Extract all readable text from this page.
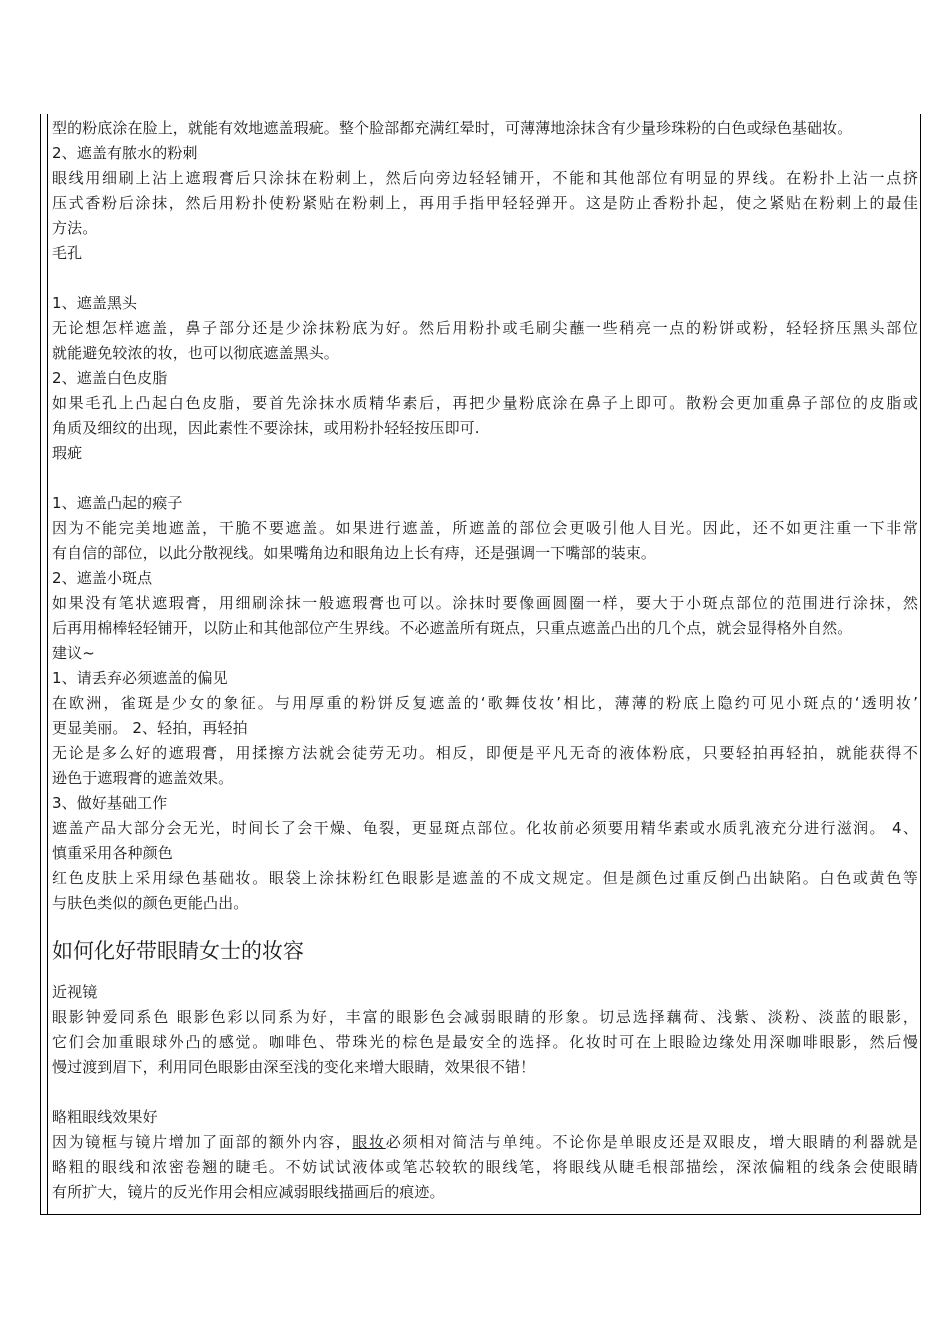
型的粉底涂在脸上，就能有效地遮盖瑕疵。整个脸部都充满红晕时，可薄薄地涂抹含有少量珍珠粉的白色或绿色基础妆。
2、遮盖有脓水的粉刺
眼线用细刷上沾上遮瑕膏后只涂抹在粉刺上，然后向旁边轻轻铺开，不能和其他部位有明显的界线。在粉扑上沾一点挤
压式香粉后涂抹，然后用粉扑使粉紧贴在粉刺上，再用手指甲轻轻弹开。这是防止香粉扑起，使之紧贴在粉刺上的最佳
方法。
毛孔
1、遮盖黑头
无论想怎样遮盖，鼻子部分还是少涂抹粉底为好。然后用粉扑或毛刷尖蘸一些稍亮一点的粉饼或粉，轻轻挤压黑头部位
就能避免较浓的妆，也可以彻底遮盖黑头。
2、遮盖白色皮脂
如果毛孔上凸起白色皮脂，要首先涂抹水质精华素后，再把少量粉底涂在鼻子上即可。散粉会更加重鼻子部位的皮脂或
角质及细纹的出现，因此素性不要涂抹，或用粉扑轻轻按压即可.
瑕疵
1、遮盖凸起的瘊子
因为不能完美地遮盖，干脆不要遮盖。如果进行遮盖，所遮盖的部位会更吸引他人目光。因此，还不如更注重一下非常
有自信的部位，以此分散视线。如果嘴角边和眼角边上长有痔，还是强调一下嘴部的装束。
2、遮盖小斑点
如果没有笔状遮瑕膏，用细刷涂抹一般遮瑕膏也可以。涂抹时要像画圆圈一样，要大于小斑点部位的范围进行涂抹，然
后再用棉棒轻轻铺开，以防止和其他部位产生界线。不必遮盖所有斑点，只重点遮盖凸出的几个点，就会显得格外自然。
建议~
1、请丢弃必须遮盖的偏见
在欧洲，雀斑是少女的象征。与用厚重的粉饼反复遮盖的‘歌舞伎妆’相比，薄薄的粉底上隐约可见小斑点的‘透明妆’
更显美丽。 2、轻拍，再轻拍
无论是多么好的遮瑕膏，用揉擦方法就会徒劳无功。相反，即便是平凡无奇的液体粉底，只要轻拍再轻拍，就能获得不
逊色于遮瑕膏的遮盖效果。
3、做好基础工作
遮盖产品大部分会无光，时间长了会干燥、龟裂，更显斑点部位。化妆前必须要用精华素或水质乳液充分进行滋润。 4、
慎重采用各种颜色
红色皮肤上采用绿色基础妆。眼袋上涂抹粉红色眼影是遮盖的不成文规定。但是颜色过重反倒凸出缺陷。白色或黄色等
与肤色类似的颜色更能凸出。
如何化好带眼睛女士的妆容
近视镜
眼影钟爱同系色 眼影色彩以同系为好，丰富的眼影色会减弱眼睛的形象。切忌选择藕荷、浅紫、淡粉、淡蓝的眼影，
它们会加重眼球外凸的感觉。咖啡色、带珠光的棕色是最安全的选择。化妆时可在上眼睑边缘处用深咖啡眼影，然后慢
慢过渡到眉下，利用同色眼影由深至浅的变化来增大眼睛，效果很不错！
略粗眼线效果好
因为镜框与镜片增加了面部的额外内容，眼妆必须相对简洁与单纯。不论你是单眼皮还是双眼皮，增大眼睛的利器就是
略粗的眼线和浓密卷翘的睫毛。不妨试试液体或笔芯较软的眼线笔，将眼线从睫毛根部描绘，深浓偏粗的线条会使眼睛
有所扩大，镜片的反光作用会相应减弱眼线描画后的痕迹。
